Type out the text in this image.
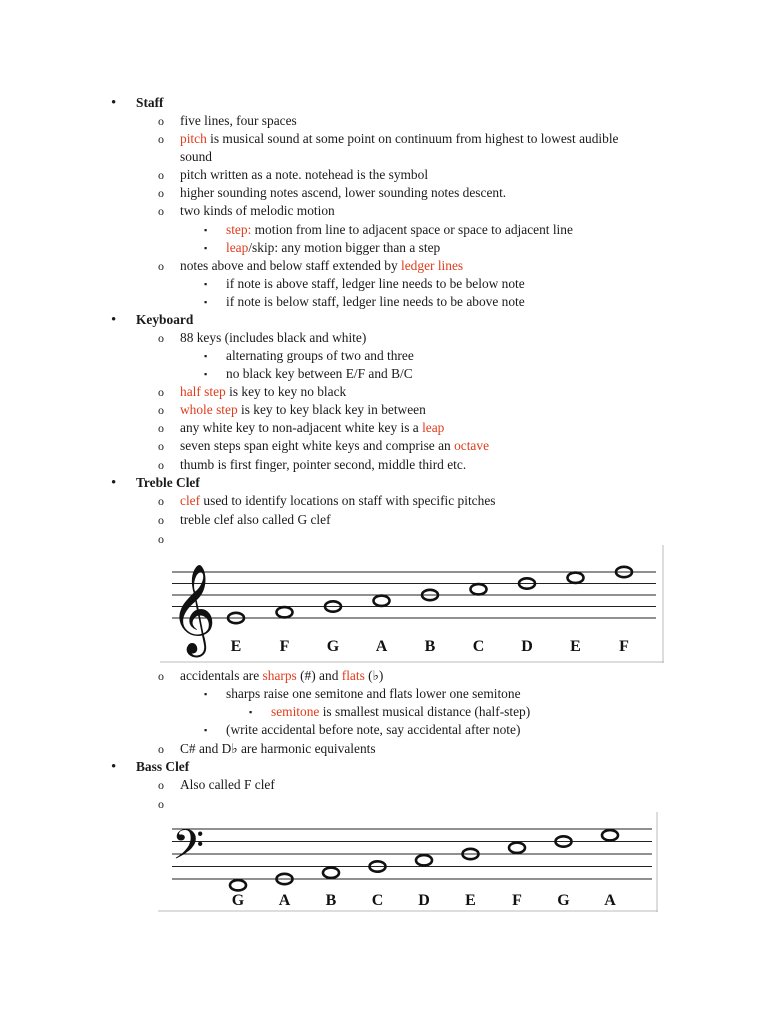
• Staff
o five lines, four spaces
o pitch is musical sound at some point on continuum from highest to lowest audible
sound
o pitch written as a note. notehead is the symbol
o higher sounding notes ascend, lower sounding notes descent.
o two kinds of melodic motion
▪ step: motion from line to adjacent space or space to adjacent line
▪ leap/skip: any motion bigger than a step
o notes above and below staff extended by ledger lines
▪ if note is above staff, ledger line needs to be below note
▪ if note is below staff, ledger line needs to be above note
• Keyboard
o 88 keys (includes black and white)
▪ alternating groups of two and three
▪ no black key between E/F and B/C
o half step is key to key no black
o whole step is key to key black key in between
o any white key to non-adjacent white key is a leap
o seven steps span eight white keys and comprise an octave
o thumb is first finger, pointer second, middle third etc.
• Treble Clef
o clef used to identify locations on staff with specific pitches
o treble clef also called G clef
o
o accidentals are sharps (#) and flats (♭)
▪ sharps raise one semitone and flats lower one semitone
▪ semitone is smallest musical distance (half-step)
▪ (write accidental before note, say accidental after note)
o C# and D♭ are harmonic equivalents
• Bass Clef
o Also called F clef
o
𝄞 E F G A B C D E F
𝄢
G A B C D E F G A
